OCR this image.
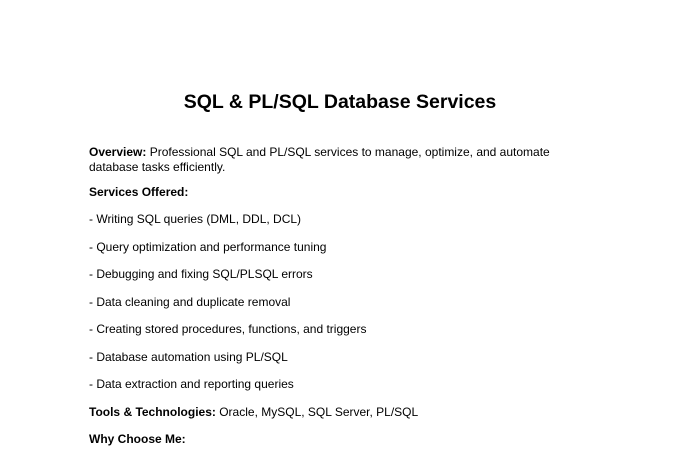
SQL & PL/SQL Database Services
Overview: Professional SQL and PL/SQL services to manage, optimize, and automate database tasks efficiently.
Services Offered:
- Writing SQL queries (DML, DDL, DCL)
- Query optimization and performance tuning
- Debugging and fixing SQL/PLSQL errors
- Data cleaning and duplicate removal
- Creating stored procedures, functions, and triggers
- Database automation using PL/SQL
- Data extraction and reporting queries
Tools & Technologies: Oracle, MySQL, SQL Server, PL/SQL
Why Choose Me:
